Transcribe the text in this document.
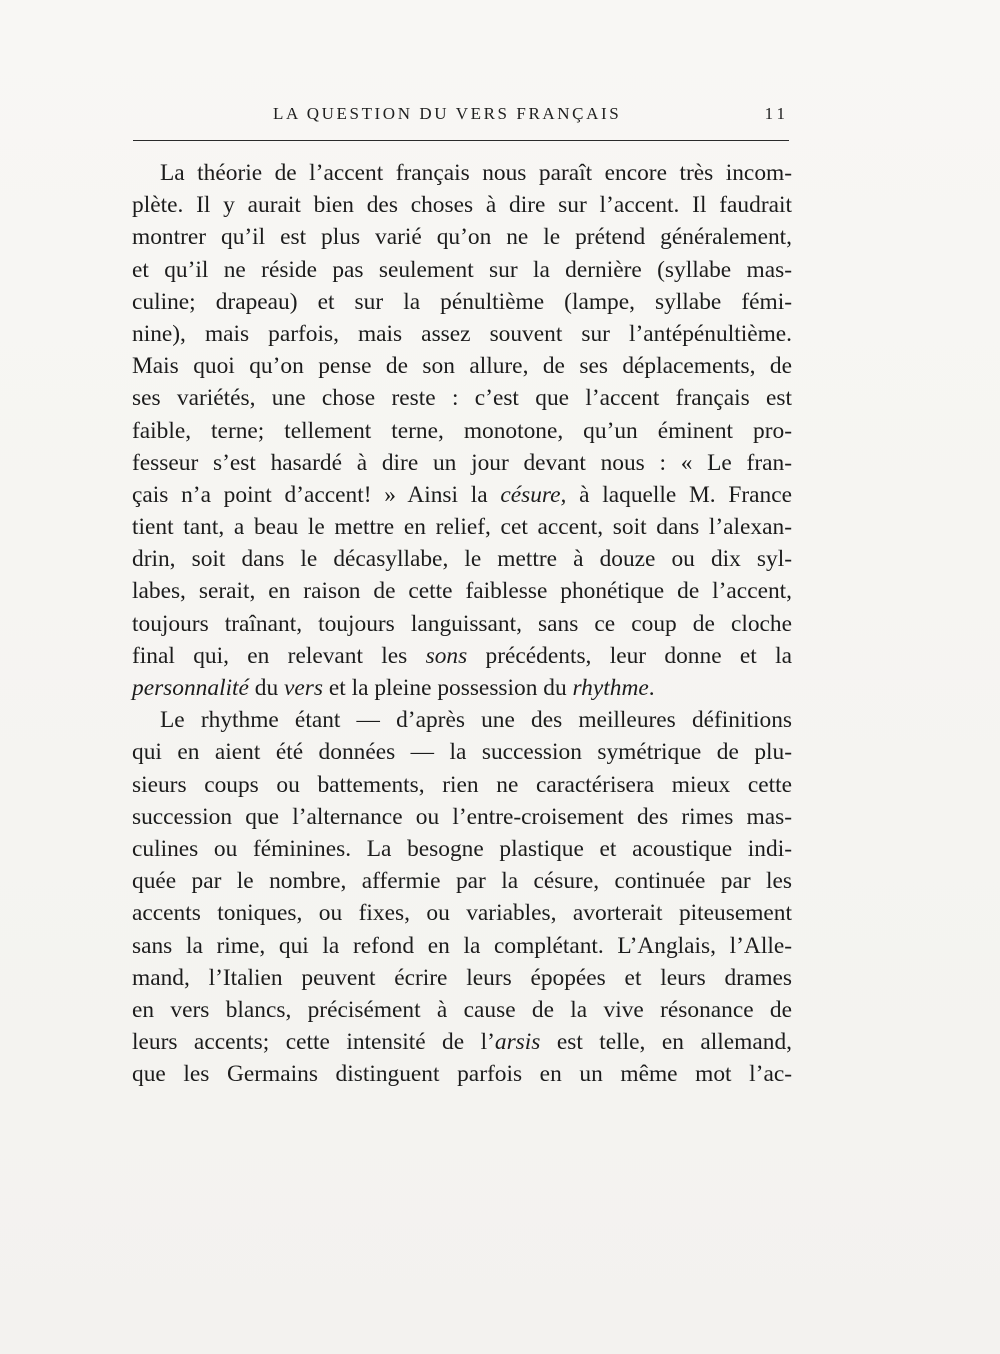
LA QUESTION DU VERS FRANÇAIS	11
La théorie de l’accent français nous paraît encore très incom-
plète. Il y aurait bien des choses à dire sur l’accent. Il faudrait
montrer qu’il est plus varié qu’on ne le prétend généralement,
et qu’il ne réside pas seulement sur la dernière (syllabe mas-
culine; drapeau) et sur la pénultième (lampe, syllabe fémi-
nine), mais parfois, mais assez souvent sur l’antépénultième.
Mais quoi qu’on pense de son allure, de ses déplacements, de
ses variétés, une chose reste : c’est que l’accent français est
faible, terne; tellement terne, monotone, qu’un éminent pro-
fesseur s’est hasardé à dire un jour devant nous : « Le fran-
çais n’a point d’accent! » Ainsi la césure, à laquelle M. France
tient tant, a beau le mettre en relief, cet accent, soit dans l’alexan-
drin, soit dans le décasyllabe, le mettre à douze ou dix syl-
labes, serait, en raison de cette faiblesse phonétique de l’accent,
toujours traînant, toujours languissant, sans ce coup de cloche
final qui, en relevant les sons précédents, leur donne et la
personnalité du vers et la pleine possession du rhythme.
Le rhythme étant — d’après une des meilleures définitions
qui en aient été données — la succession symétrique de plu-
sieurs coups ou battements, rien ne caractérisera mieux cette
succession que l’alternance ou l’entre-croisement des rimes mas-
culines ou féminines. La besogne plastique et acoustique indi-
quée par le nombre, affermie par la césure, continuée par les
accents toniques, ou fixes, ou variables, avorterait piteusement
sans la rime, qui la refond en la complétant. L’Anglais, l’Alle-
mand, l’Italien peuvent écrire leurs épopées et leurs drames
en vers blancs, précisément à cause de la vive résonance de
leurs accents; cette intensité de l’arsis est telle, en allemand,
que les Germains distinguent parfois en un même mot l’ac-
